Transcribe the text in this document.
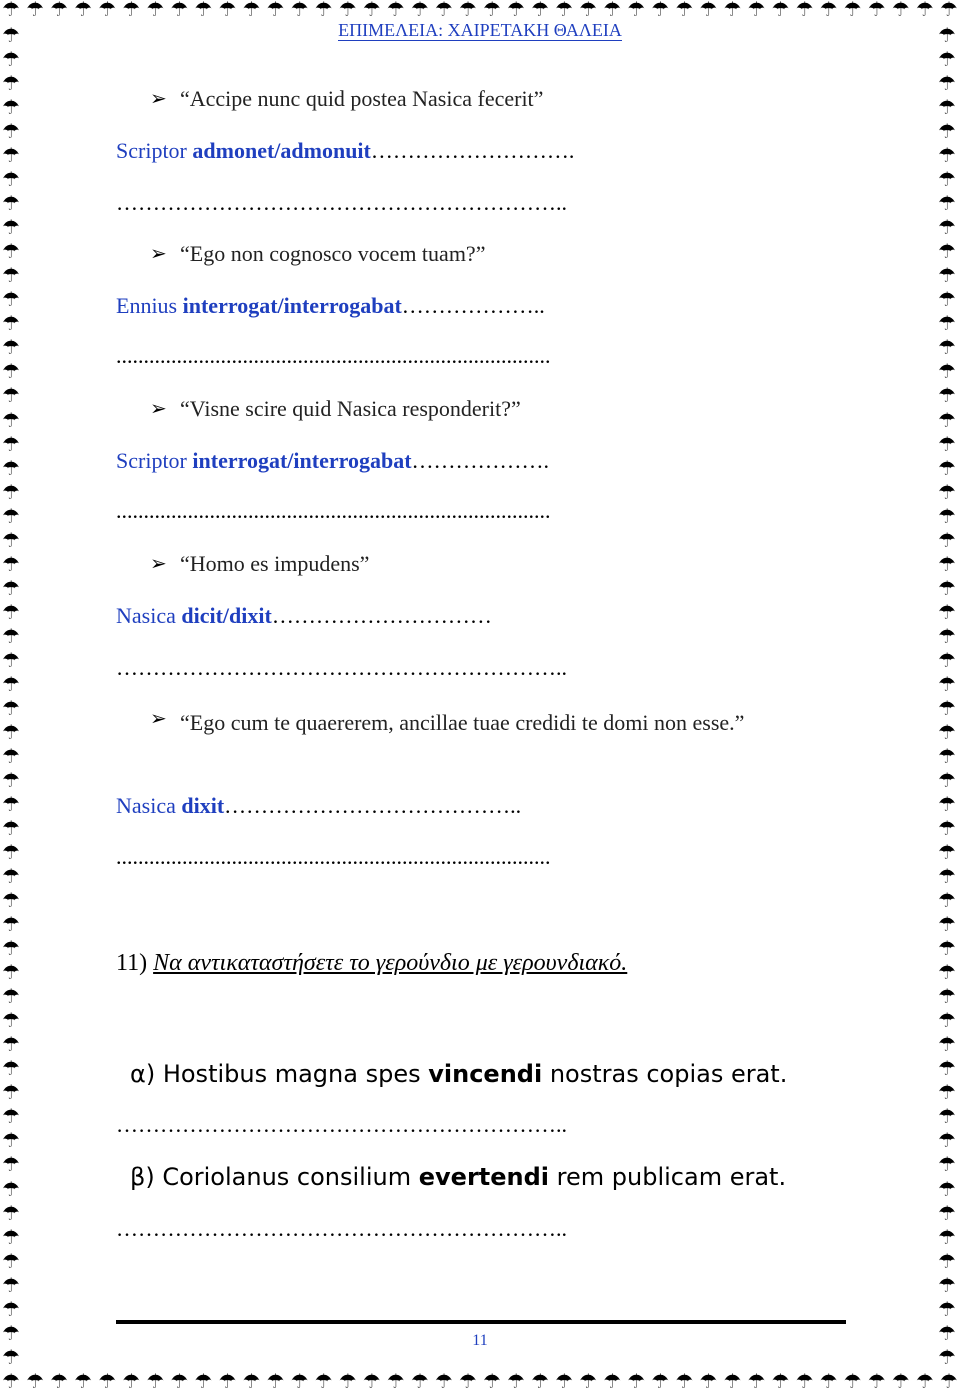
☂ ☂ ☂ ☂ ☂ ☂ ☂ ☂ ☂ ☂ ☂ ☂ ☂ ☂ ☂ ☂ ☂ ☂ ☂ ☂ ☂ ☂ ☂ ☂ ☂ ☂ ☂ ☂ ☂ ☂ ☂ ☂ ☂ ☂ ☂ ☂ ☂ ☂ ☂ ☂
☂ ☂ ☂ ☂ ☂ ☂ ☂ ☂ ☂ ☂ ☂ ☂ ☂ ☂ ☂ ☂ ☂ ☂ ☂ ☂ ☂ ☂ ☂ ☂ ☂ ☂ ☂ ☂ ☂ ☂ ☂ ☂ ☂ ☂ ☂ ☂ ☂ ☂ ☂ ☂
☂
☂
☂
☂
☂
☂
☂
☂
☂
☂
☂
☂
☂
☂
☂
☂
☂
☂
☂
☂
☂
☂
☂
☂
☂
☂
☂
☂
☂
☂
☂
☂
☂
☂
☂
☂
☂
☂
☂
☂
☂
☂
☂
☂
☂
☂
☂
☂
☂
☂
☂
☂
☂
☂
☂
☂
☂
☂
☂
☂
☂
☂
☂
☂
☂
☂
☂
☂
☂
☂
☂
☂
☂
☂
☂
☂
☂
☂
☂
☂
☂
☂
☂
☂
☂
☂
☂
☂
☂
☂
☂
☂
☂
☂
☂
☂
☂
☂
☂
☂
☂
☂
☂
☂
☂
☂
☂
☂
☂
☂
☂
☂
ΕΠΙΜΕΛΕΙΑ: ΧΑΙΡΕΤΑΚΗ ΘΑΛΕΙΑ
➢ “Accipe nunc quid postea Nasica fecerit”
Scriptor admonet/admonuit……………………….
……………………………………………………..
➢ “Ego non cognosco vocem tuam?”
Ennius interrogat/interrogabat………………..
...............................................................................
➢ “Visne scire quid Nasica responderit?”
Scriptor interrogat/interrogabat……………….
...............................................................................
➢ “Homo es impudens”
Nasica dicit/dixit…………………………
……………………………………………………..
➢ “Ego cum te quaererem, ancillae tuae credidi te domi non esse.”
Nasica dixit…………………………………..
...............................................................................
11) Να αντικαταστήσετε το γερούνδιο με γερουνδιακό.
α) Hostibus magna spes vincendi nostras copias erat.
……………………………………………………..
β) Coriolanus consilium evertendi rem publicam erat.
……………………………………………………..
11
